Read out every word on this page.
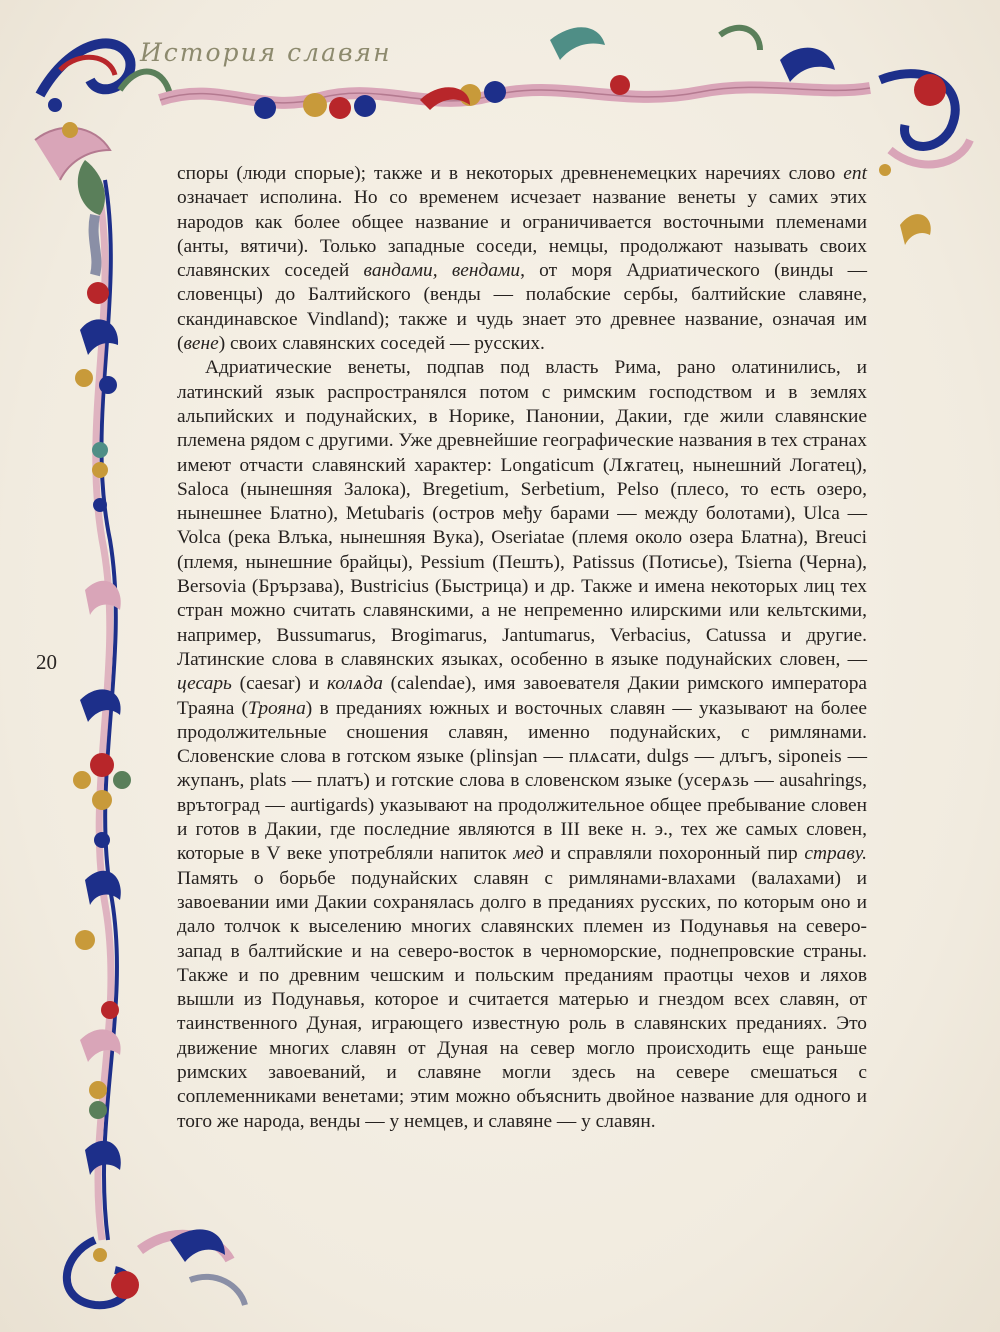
История славян
20

споры (люди спорые); также и в некоторых древненемецких наречиях слово ent означает исполина. Но со временем исчезает название венеты у самих этих народов как более общее название и ограничивается восточными племенами (анты, вятичи). Только западные соседи, немцы, продолжают называть своих славянских соседей вандами, вендами, от моря Адриатического (винды — словенцы) до Балтийского (венды — полабские сербы, балтийские славяне, скандинавское Vindland); также и чудь знает это древнее название, означая им (вене) своих славянских соседей — русских.

Адриатические венеты, подпав под власть Рима, рано олатинились, и латинский язык распространялся потом с римским господством и в землях альпийских и подунайских, в Норике, Панонии, Дакии, где жили славянские племена рядом с другими. Уже древнейшие географические названия в тех странах имеют отчасти славянский характер: Longaticum (Лѫгатец, нынешний Логатец), Saloca (нынешняя Залока), Bregetium, Serbetium, Pelso (плесо, то есть озеро, нынешнее Блатно), Metubaris (остров међу барами — между болотами), Ulca — Volca (река Влъка, нынешняя Вука), Oseriatae (племя около озера Блатна), Breuci (племя, нынешние брайцы), Pessium (Пешть), Patissus (Потисье), Tsierna (Черна), Bersovia (Брързава), Bustricius (Быстрица) и др. Также и имена некоторых лиц тех стран можно считать славянскими, а не непременно илирскими или кельтскими, например, Bussumarus, Brogimarus, Jantumarus, Verbacius, Catussa и другие. Латинские слова в славянских языках, особенно в языке подунайских словен, — цесарь (caesar) и колѧда (calendae), имя завоевателя Дакии римского императора Траяна (Трояна) в преданиях южных и восточных славян — указывают на более продолжительные сношения славян, именно подунайских, с римлянами. Словенские слова в готском языке (plinsjan — плѧсати, dulgs — длъгъ, siponeis — жупанъ, plats — платъ) и готские слова в словенском языке (усерѧзь — ausahrings, врътоград — aurtigards) указывают на продолжительное общее пребывание словен и готов в Дакии, где последние являются в III веке н. э., тех же самых словен, которые в V веке употребляли напиток мед и справляли похоронный пир страву. Память о борьбе подунайских славян с римлянами-влахами (валахами) и завоевании ими Дакии сохранялась долго в преданиях русских, по которым оно и дало толчок к выселению многих славянских племен из Подунавья на северо-запад в балтийские и на северо-восток в черноморские, поднепровские страны. Также и по древним чешским и польским преданиям праотцы чехов и ляхов вышли из Подунавья, которое и считается матерью и гнездом всех славян, от таинственного Дуная, играющего известную роль в славянских преданиях. Это движение многих славян от Дуная на север могло происходить еще раньше римских завоеваний, и славяне могли здесь на севере смешаться с соплеменниками венетами; этим можно объяснить двойное название для одного и того же народа, венды — у немцев, и славяне — у славян.
